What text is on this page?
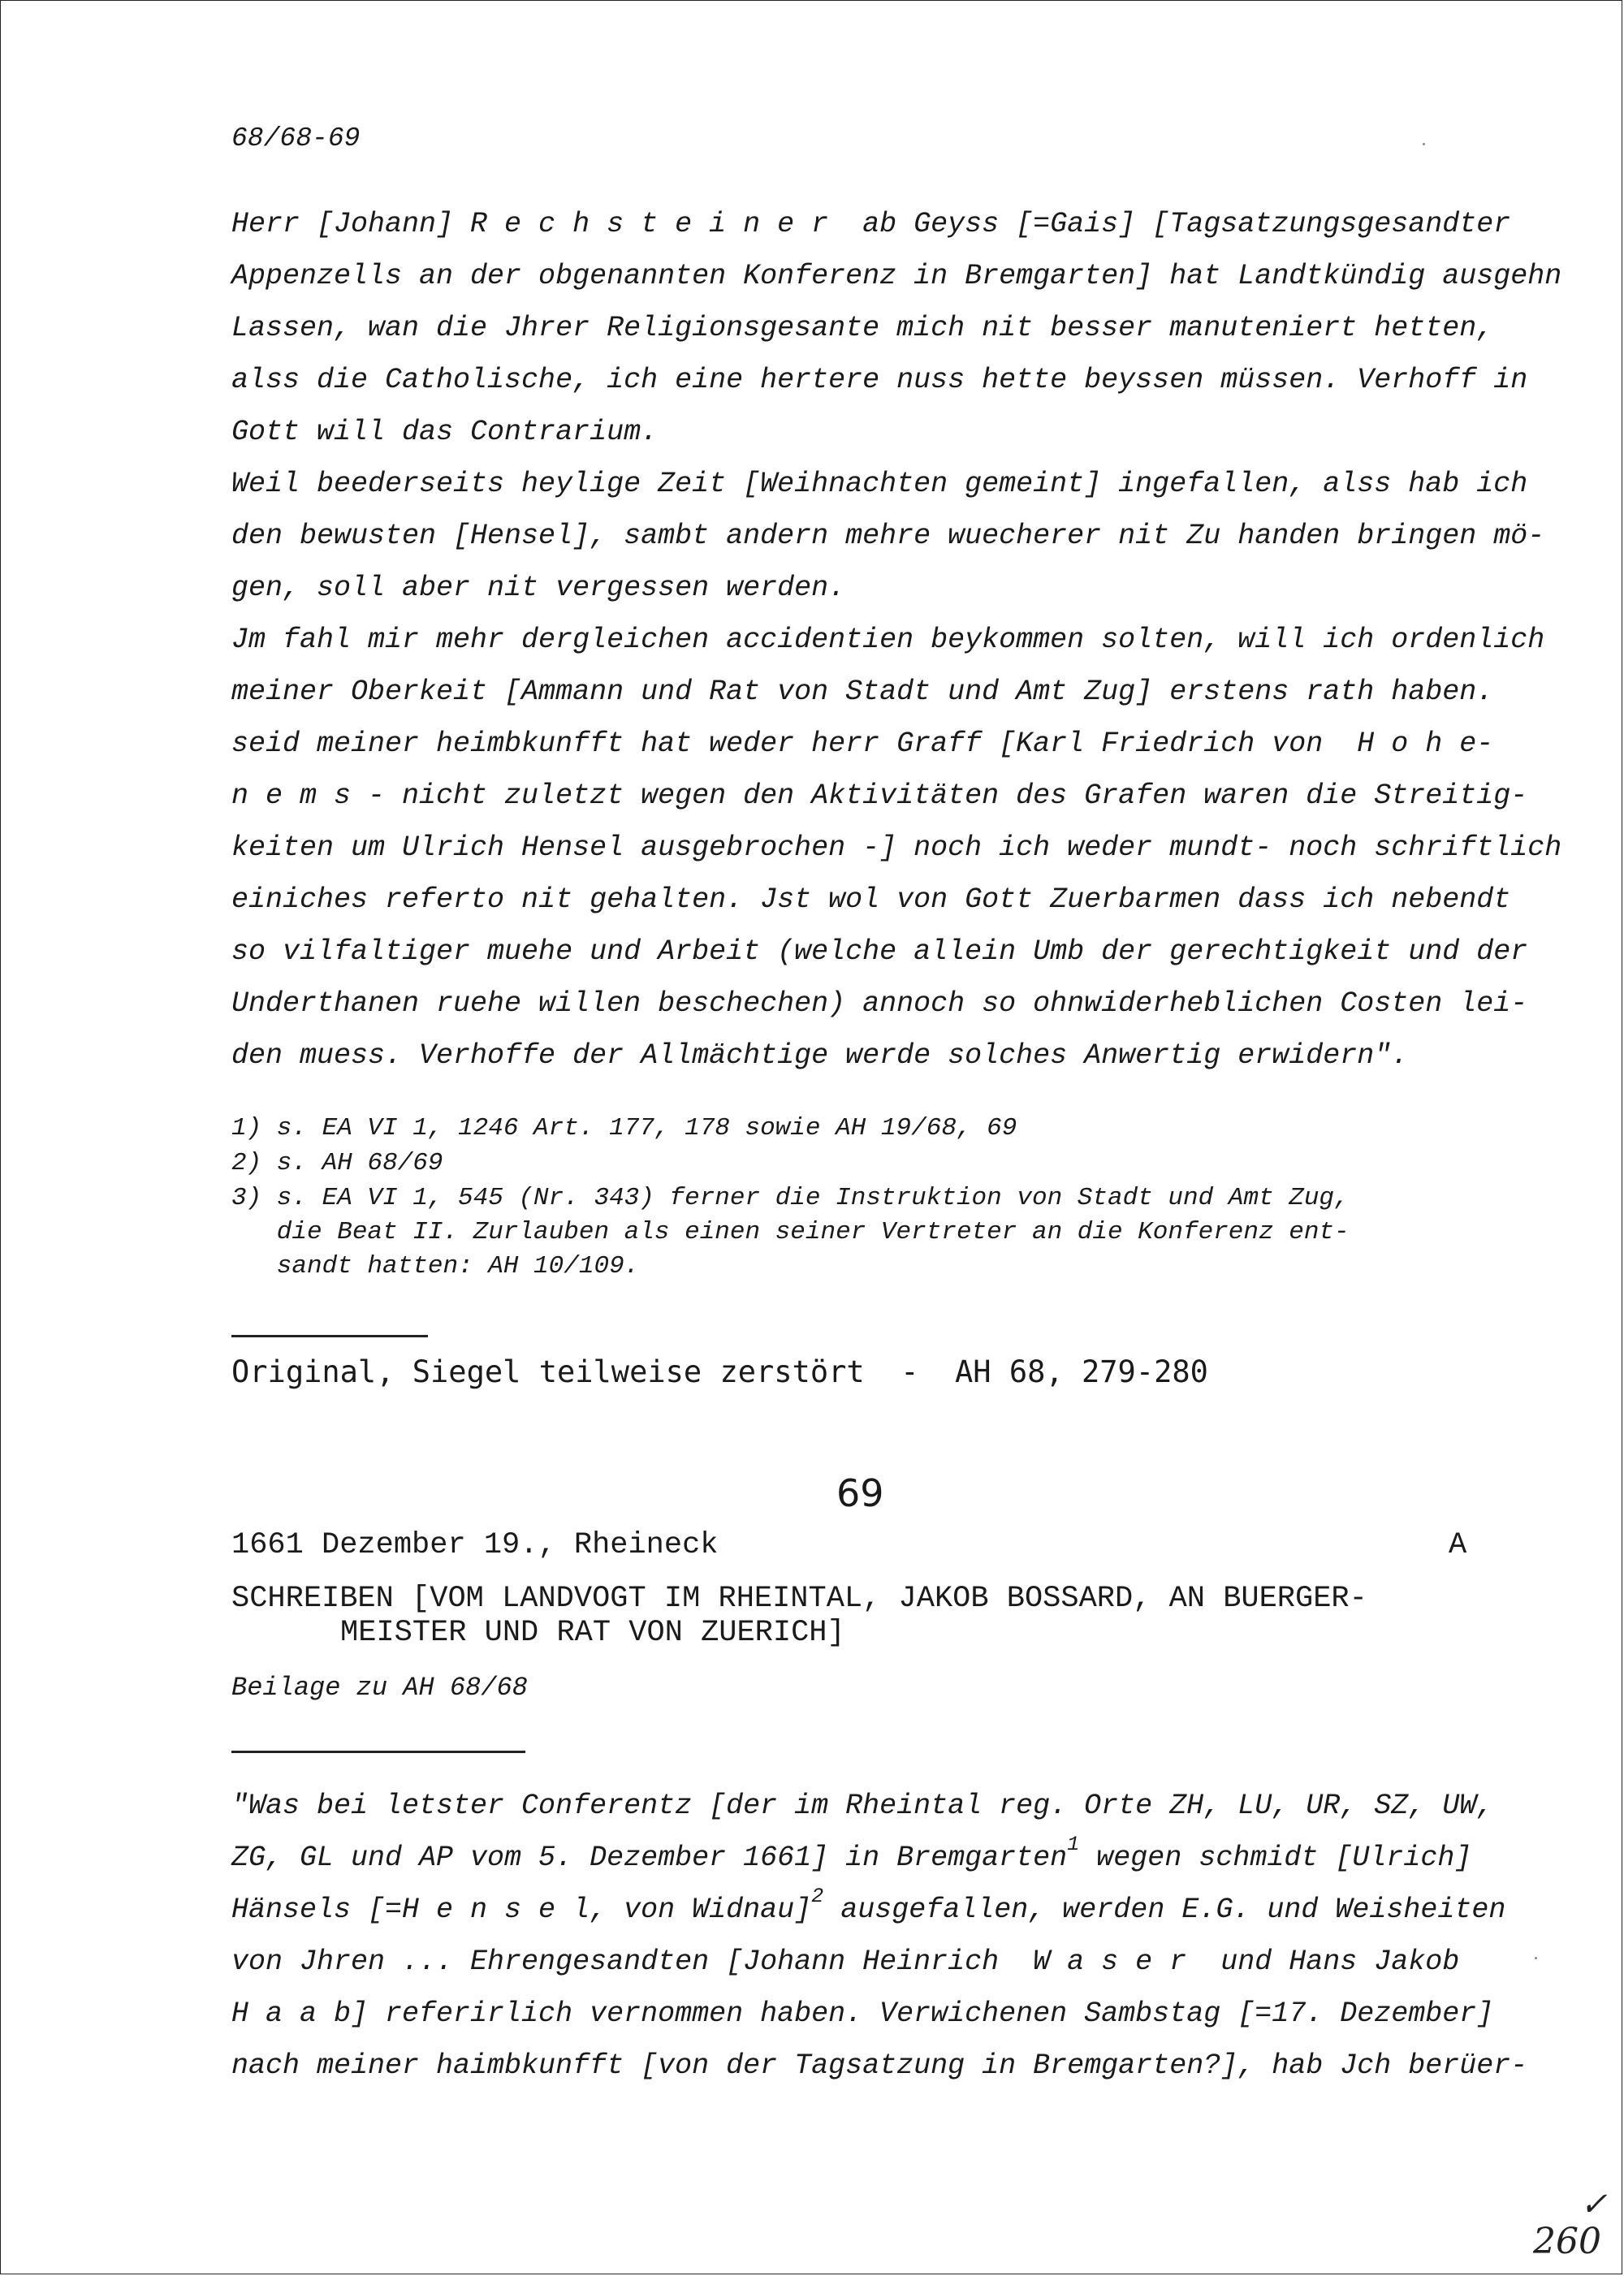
68/68-69

Herr [Johann] R e c h s t e i n e r  ab Geyss [=Gais] [Tagsatzungsgesandter

Appenzells an der obgenannten Konferenz in Bremgarten] hat Landtkündig ausgehn

Lassen, wan die Jhrer Religionsgesante mich nit besser manuteniert hetten,

alss die Catholische, ich eine hertere nuss hette beyssen müssen. Verhoff in

Gott will das Contrarium.

Weil beederseits heylige Zeit [Weihnachten gemeint] ingefallen, alss hab ich

den bewusten [Hensel], sambt andern mehre wuecherer nit Zu handen bringen mö-

gen, soll aber nit vergessen werden.

Jm fahl mir mehr dergleichen accidentien beykommen solten, will ich ordenlich

meiner Oberkeit [Ammann und Rat von Stadt und Amt Zug] erstens rath haben.

seid meiner heimbkunfft hat weder herr Graff [Karl Friedrich von  H o h e-

n e m s - nicht zuletzt wegen den Aktivitäten des Grafen waren die Streitig-

keiten um Ulrich Hensel ausgebrochen -] noch ich weder mundt- noch schriftlich

einiches referto nit gehalten. Jst wol von Gott Zuerbarmen dass ich nebendt

so vilfaltiger muehe und Arbeit (welche allein Umb der gerechtigkeit und der

Underthanen ruehe willen beschechen) annoch so ohnwiderheblichen Costen lei-

den muess. Verhoffe der Allmächtige werde solches Anwertig erwidern".

1) s. EA VI 1, 1246 Art. 177, 178 sowie AH 19/68, 69

2) s. AH 68/69

3) s. EA VI 1, 545 (Nr. 343) ferner die Instruktion von Stadt und Amt Zug,

die Beat II. Zurlauben als einen seiner Vertreter an die Konferenz ent-

sandt hatten: AH 10/109.

Original, Siegel teilweise zerstört  -  AH 68, 279-280
69
1661 Dezember 19., Rheineck	A
SCHREIBEN [VOM LANDVOGT IM RHEINTAL, JAKOB BOSSARD, AN BUERGER-
MEISTER UND RAT VON ZUERICH]
Beilage zu AH 68/68

"Was bei letster Conferentz [der im Rheintal reg. Orte ZH, LU, UR, SZ, UW,

ZG, GL und AP vom 5. Dezember 1661] in Bremgarten$^1$ wegen schmidt [Ulrich]

Hänsels [=H e n s e l, von Widnau]$^2$ ausgefallen, werden E.G. und Weisheiten

von Jhren ... Ehrengesandten [Johann Heinrich  W a s e r  und Hans Jakob

H a a b] referirlich vernommen haben. Verwichenen Sambstag [=17. Dezember]

nach meiner haimbkunfft [von der Tagsatzung in Bremgarten?], hab Jch berüer-

✓
260
